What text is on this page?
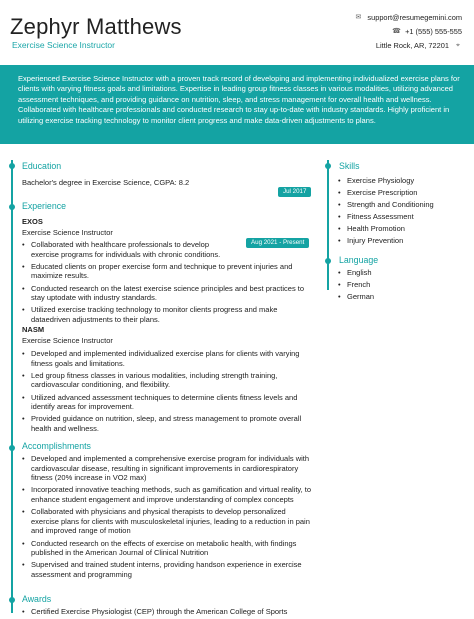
Zephyr Matthews
Exercise Science Instructor
✉ support@resumegemini.com
☎ +1 (555) 555-555
Little Rock, AR, 72201 ⌖
Experienced Exercise Science Instructor with a proven track record of developing and implementing individualized exercise plans for clients with varying fitness goals and limitations. Expertise in leading group fitness classes in various modalities, utilizing advanced assessment techniques, and providing guidance on nutrition, sleep, and stress management for overall health and wellness. Collaborated with healthcare professionals and conducted research to stay up-to-date with industry standards. Highly proficient in utilizing exercise tracking technology to monitor client progress and make data-driven adjustments to plans.
Education
Bachelor's degree in Exercise Science, CGPA: 8.2
Jul 2017
Experience
EXOS
Exercise Science Instructor
Aug 2021 - Present
• Collaborated with healthcare professionals to develop exercise programs for individuals with chronic conditions.
• Educated clients on proper exercise form and technique to prevent injuries and maximize results.
• Conducted research on the latest exercise science principles and best practices to stay uptodate with industry standards.
• Utilized exercise tracking technology to monitor clients progress and make dataedriven adjustments to their plans.
NASM
Exercise Science Instructor
• Developed and implemented individualized exercise plans for clients with varying fitness goals and limitations.
• Led group fitness classes in various modalities, including strength training, cardiovascular conditioning, and flexibility.
• Utilized advanced assessment techniques to determine clients fitness levels and identify areas for improvement.
• Provided guidance on nutrition, sleep, and stress management to promote overall health and wellness.
Accomplishments
• Developed and implemented a comprehensive exercise program for individuals with cardiovascular disease, resulting in significant improvements in cardiorespiratory fitness (20% increase in VO2 max)
• Incorporated innovative teaching methods, such as gamification and virtual reality, to enhance student engagement and improve understanding of complex concepts
• Collaborated with physicians and physical therapists to develop personalized exercise plans for clients with musculoskeletal injuries, leading to a reduction in pain and improved range of motion
• Conducted research on the effects of exercise on metabolic health, with findings published in the American Journal of Clinical Nutrition
• Supervised and trained student interns, providing handson experience in exercise assessment and programming
Awards
• Certified Exercise Physiologist (CEP) through the American College of Sports
Skills
• Exercise Physiology
• Exercise Prescription
• Strength and Conditioning
• Fitness Assessment
• Health Promotion
• Injury Prevention
Language
• English
• French
• German
